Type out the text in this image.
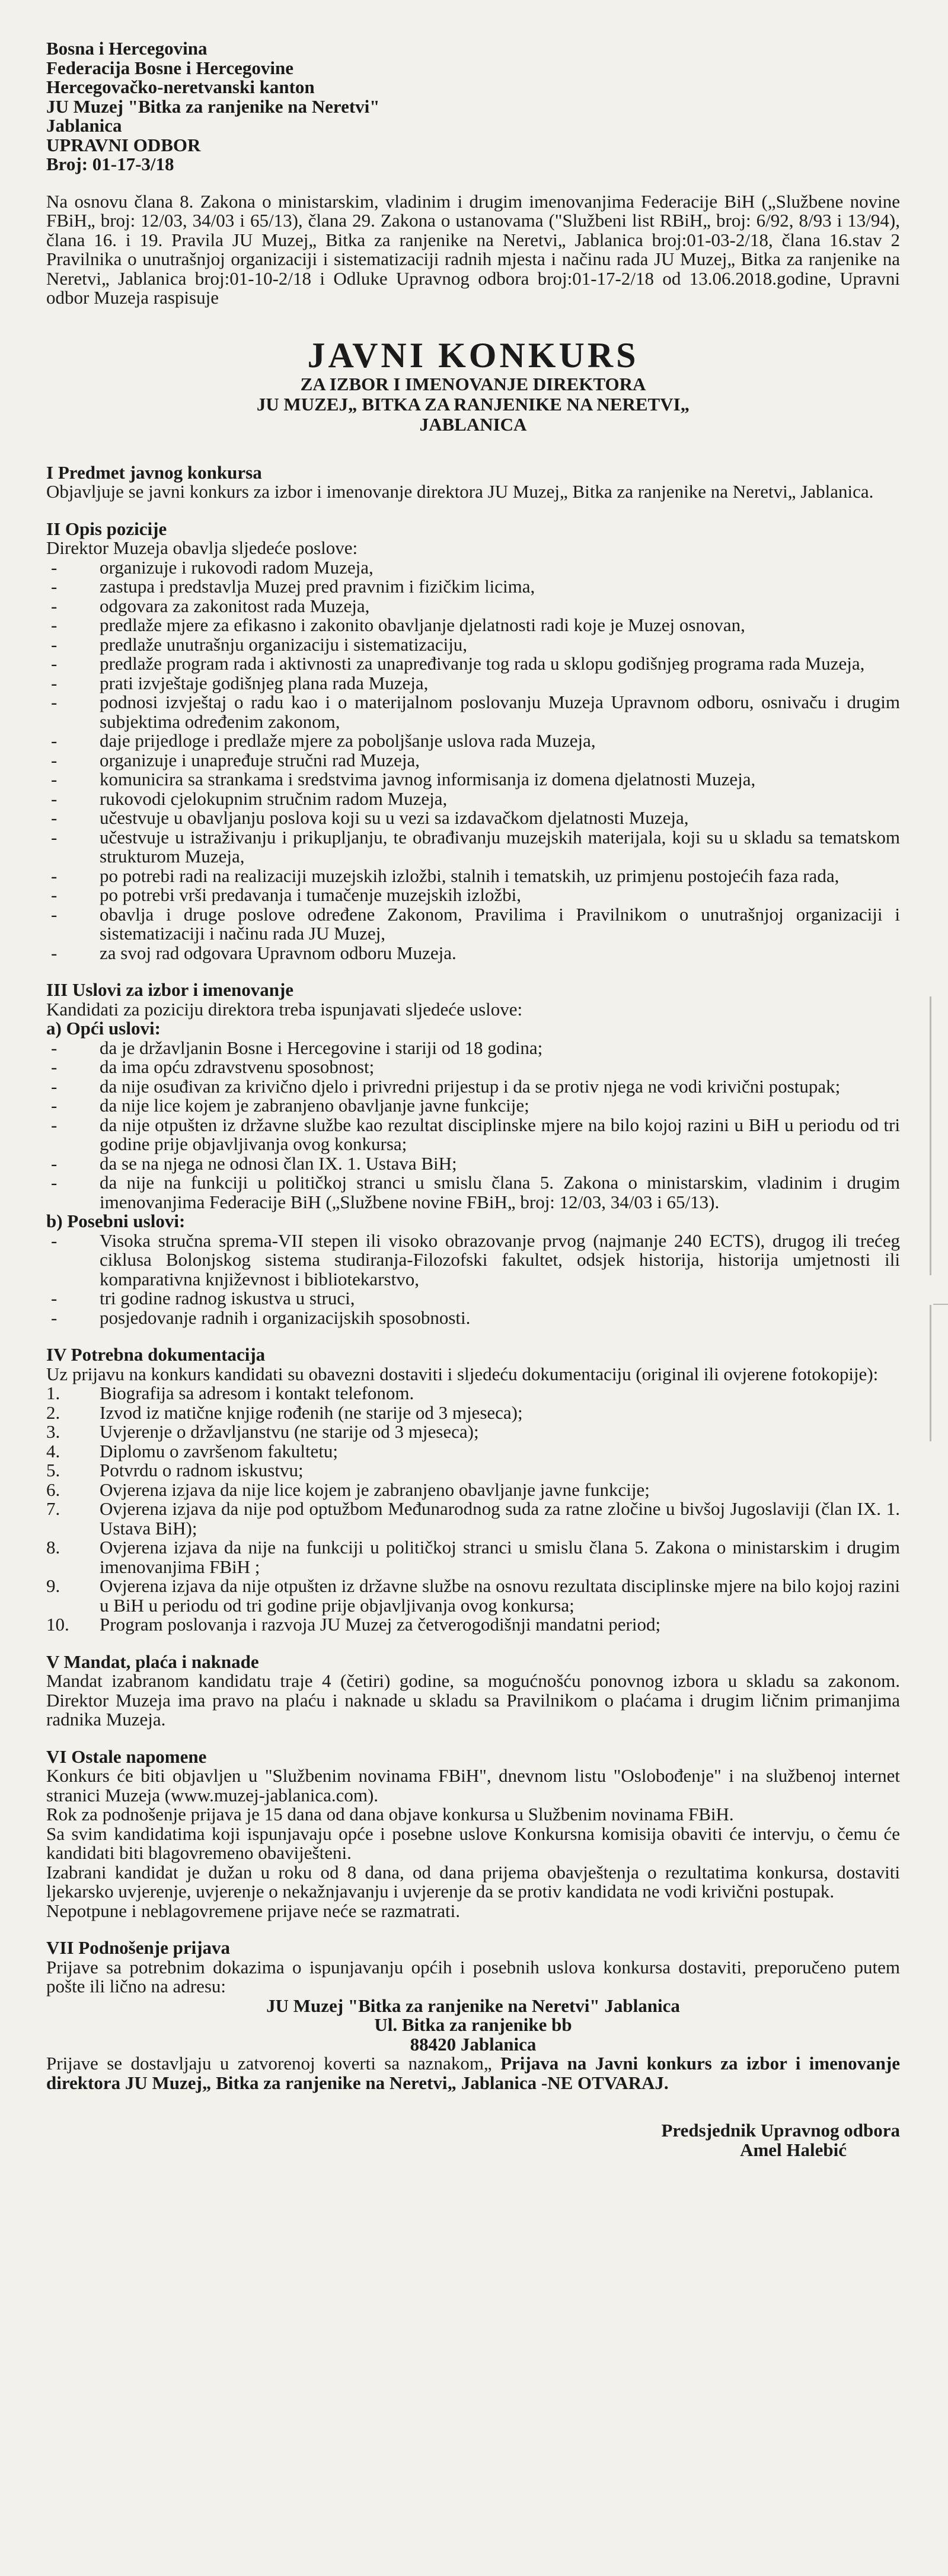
Bosna i Hercegovina

Federacija Bosne i Hercegovine

Hercegovačko-neretvanski kanton

JU Muzej "Bitka za ranjenike na Neretvi"

Jablanica

UPRAVNI ODBOR

Broj: 01-17-3/18

Na osnovu člana 8. Zakona o ministarskim, vladinim i drugim imenovanjima Federacije BiH („Službene novine FBiH„ broj: 12/03, 34/03 i 65/13), člana 29. Zakona o ustanovama ("Službeni list RBiH„ broj: 6/92, 8/93 i 13/94), člana 16. i 19. Pravila JU Muzej„ Bitka za ranjenike na Neretvi„ Jablanica broj:01-03-2/18, člana 16.stav 2 Pravilnika o unutrašnjoj organizaciji i sistematizaciji radnih mjesta i načinu rada JU Muzej„ Bitka za ranjenike na Neretvi„ Jablanica broj:01-10-2/18 i Odluke Upravnog odbora broj:01-17-2/18 od 13.06.2018.godine, Upravni odbor Muzeja raspisuje

JAVNI KONKURS

ZA IZBOR I IMENOVANJE DIREKTORA

JU MUZEJ„ BITKA ZA RANJENIKE NA NERETVI„

JABLANICA

I Predmet javnog konkursa

Objavljuje se javni konkurs za izbor i imenovanje direktora JU Muzej„ Bitka za ranjenike na Neretvi„ Jablanica.

II Opis pozicije

Direktor Muzeja obavlja sljedeće poslove:

- organizuje i rukovodi radom Muzeja,
- zastupa i predstavlja Muzej pred pravnim i fizičkim licima,
- odgovara za zakonitost rada Muzeja,
- predlaže mjere za efikasno i zakonito obavljanje djelatnosti radi koje je Muzej osnovan,
- predlaže unutrašnju organizaciju i sistematizaciju,
- predlaže program rada i aktivnosti za unapređivanje tog rada u sklopu godišnjeg programa rada Muzeja,
- prati izvještaje godišnjeg plana rada Muzeja,
- podnosi izvještaj o radu kao i o materijalnom poslovanju Muzeja Upravnom odboru, osnivaču i drugim subjektima određenim zakonom,
- daje prijedloge i predlaže mjere za poboljšanje uslova rada Muzeja,
- organizuje i unapređuje stručni rad Muzeja,
- komunicira sa strankama i sredstvima javnog informisanja iz domena djelatnosti Muzeja,
- rukovodi cjelokupnim stručnim radom Muzeja,
- učestvuje u obavljanju poslova koji su u vezi sa izdavačkom djelatnosti Muzeja,
- učestvuje u istraživanju i prikupljanju, te obrađivanju muzejskih materijala, koji su u skladu sa tematskom strukturom Muzeja,
- po potrebi radi na realizaciji muzejskih izložbi, stalnih i tematskih, uz primjenu postojećih faza rada,
- po potrebi vrši predavanja i tumačenje muzejskih izložbi,
- obavlja i druge poslove određene Zakonom, Pravilima i Pravilnikom o unutrašnjoj organizaciji i sistematizaciji i načinu rada JU Muzej,
- za svoj rad odgovara Upravnom odboru Muzeja.

III Uslovi za izbor i imenovanje

Kandidati za poziciju direktora treba ispunjavati sljedeće uslove:

a) Opći uslovi:

- da je državljanin Bosne i Hercegovine i stariji od 18 godina;
- da ima opću zdravstvenu sposobnost;
- da nije osuđivan za krivično djelo i privredni prijestup i da se protiv njega ne vodi krivični postupak;
- da nije lice kojem je zabranjeno obavljanje javne funkcije;
- da nije otpušten iz državne službe kao rezultat disciplinske mjere na bilo kojoj razini u BiH u periodu od tri godine prije objavljivanja ovog konkursa;
- da se na njega ne odnosi član IX. 1. Ustava BiH;
- da nije na funkciji u političkoj stranci u smislu člana 5. Zakona o ministarskim, vladinim i drugim imenovanjima Federacije BiH („Službene novine FBiH„ broj: 12/03, 34/03 i 65/13).

b) Posebni uslovi:

- Visoka stručna sprema-VII stepen ili visoko obrazovanje prvog (najmanje 240 ECTS), drugog ili trećeg ciklusa Bolonjskog sistema studiranja-Filozofski fakultet, odsjek historija, historija umjetnosti ili komparativna književnost i bibliotekarstvo,
- tri godine radnog iskustva u struci,
- posjedovanje radnih i organizacijskih sposobnosti.

IV Potrebna dokumentacija

Uz prijavu na konkurs kandidati su obavezni dostaviti i sljedeću dokumentaciju (original ili ovjerene fotokopije):

1. Biografija sa adresom i kontakt telefonom.
2. Izvod iz matične knjige rođenih (ne starije od 3 mjeseca);
3. Uvjerenje o državljanstvu (ne starije od 3 mjeseca);
4. Diplomu o završenom fakultetu;
5. Potvrdu o radnom iskustvu;
6. Ovjerena izjava da nije lice kojem je zabranjeno obavljanje javne funkcije;
7. Ovjerena izjava da nije pod optužbom Međunarodnog suda za ratne zločine u bivšoj Jugoslaviji (član IX. 1. Ustava BiH);
8. Ovjerena izjava da nije na funkciji u političkoj stranci u smislu člana 5. Zakona o ministarskim i drugim imenovanjima FBiH ;
9. Ovjerena izjava da nije otpušten iz državne službe na osnovu rezultata disciplinske mjere na bilo kojoj razini u BiH u periodu od tri godine prije objavljivanja ovog konkursa;
10. Program poslovanja i razvoja JU Muzej za četverogodišnji mandatni period;

V Mandat, plaća i naknade

Mandat izabranom kandidatu traje 4 (četiri) godine, sa mogućnošću ponovnog izbora u skladu sa zakonom. Direktor Muzeja ima pravo na plaću i naknade u skladu sa Pravilnikom o plaćama i drugim ličnim primanjima radnika Muzeja.

VI Ostale napomene

Konkurs će biti objavljen u "Službenim novinama FBiH", dnevnom listu "Oslobođenje" i na službenoj internet stranici Muzeja (www.muzej-jablanica.com).

Rok za podnošenje prijava je 15 dana od dana objave konkursa u Službenim novinama FBiH.

Sa svim kandidatima koji ispunjavaju opće i posebne uslove Konkursna komisija obaviti će intervju, o čemu će kandidati biti blagovremeno obaviješteni.

Izabrani kandidat je dužan u roku od 8 dana, od dana prijema obavještenja o rezultatima konkursa, dostaviti ljekarsko uvjerenje, uvjerenje o nekažnjavanju i uvjerenje da se protiv kandidata ne vodi krivični postupak.

Nepotpune i neblagovremene prijave neće se razmatrati.

VII Podnošenje prijava

Prijave sa potrebnim dokazima o ispunjavanju općih i posebnih uslova konkursa dostaviti, preporučeno putem pošte ili lično na adresu:

JU Muzej "Bitka za ranjenike na Neretvi" Jablanica

Ul. Bitka za ranjenike bb

88420 Jablanica

Prijave se dostavljaju u zatvorenoj koverti sa naznakom„ Prijava na Javni konkurs za izbor i imenovanje direktora JU Muzej„ Bitka za ranjenike na Neretvi„ Jablanica -NE OTVARAJ.

Predsjednik Upravnog odbora

Amel Halebić
